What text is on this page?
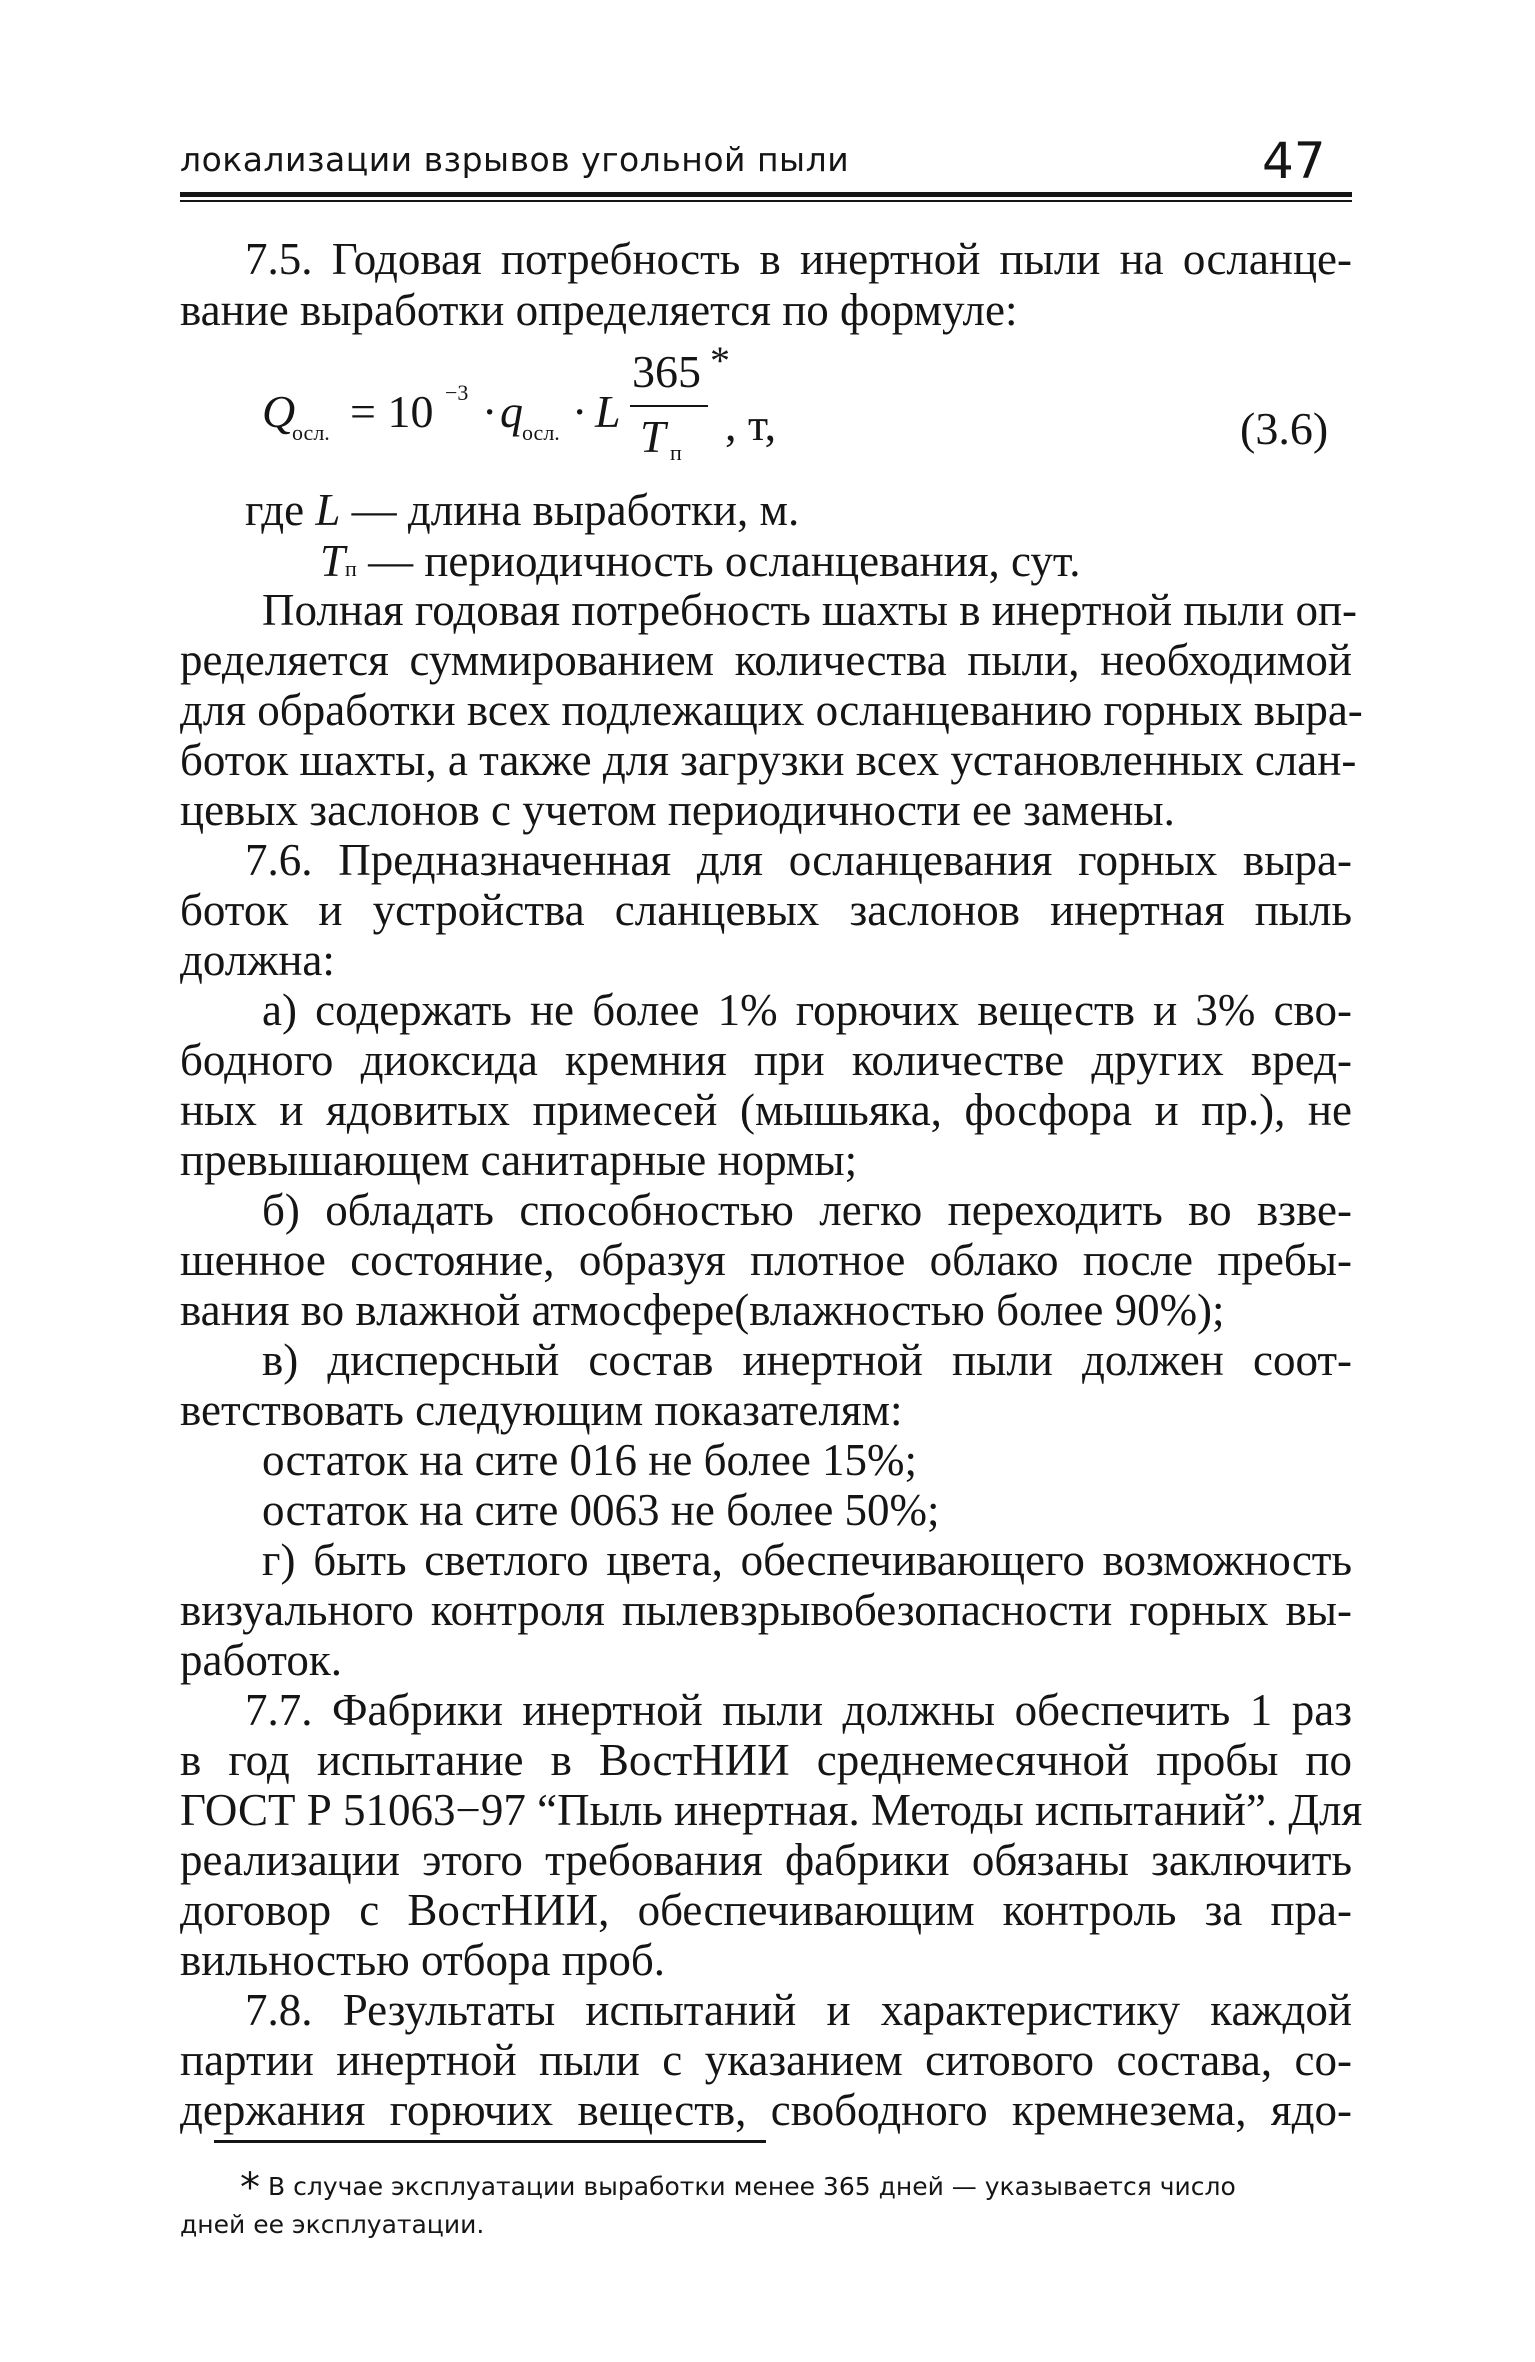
локализации взрывов угольной пыли	47
7.5. Годовая потребность в инертной пыли на осланце-
вание выработки определяется по формуле:
Q
осл. = 10 −3 · q осл. · L
365 *
T п
, т,	(3.6)
где L — длина выработки, м.
Tп — периодичность осланцевания, сут.
Полная годовая потребность шахты в инертной пыли оп-
ределяется суммированием количества пыли, необходимой
для обработки всех подлежащих осланцеванию горных выра-
боток шахты, а также для загрузки всех установленных слан-
цевых заслонов с учетом периодичности ее замены.
7.6. Предназначенная для осланцевания горных выра-
боток и устройства сланцевых заслонов инертная пыль
должна:
а) содержать не более 1% горючих веществ и 3% сво-
бодного диоксида кремния при количестве других вред-
ных и ядовитых примесей (мышьяка, фосфора и пр.), не
превышающем санитарные нормы;
б) обладать способностью легко переходить во взве-
шенное состояние, образуя плотное облако после пребы-
вания во влажной атмосфере(влажностью более 90%);
в) дисперсный состав инертной пыли должен соот-
ветствовать следующим показателям:
остаток на сите 016 не более 15%;
остаток на сите 0063 не более 50%;
г) быть светлого цвета, обеспечивающего возможность
визуального контроля пылевзрывобезопасности горных вы-
работок.
7.7. Фабрики инертной пыли должны обеспечить 1 раз
в год испытание в ВостНИИ среднемесячной пробы по
ГОСТ Р 51063−97 “Пыль инертная. Методы испытаний”. Для
реализации этого требования фабрики обязаны заключить
договор с ВостНИИ, обеспечивающим контроль за пра-
вильностью отбора проб.
7.8. Результаты испытаний и характеристику каждой
партии инертной пыли с указанием ситового состава, со-
держания горючих веществ, свободного кремнезема, ядо-
* В случае эксплуатации выработки менее 365 дней — указывается число
дней ее эксплуатации.
